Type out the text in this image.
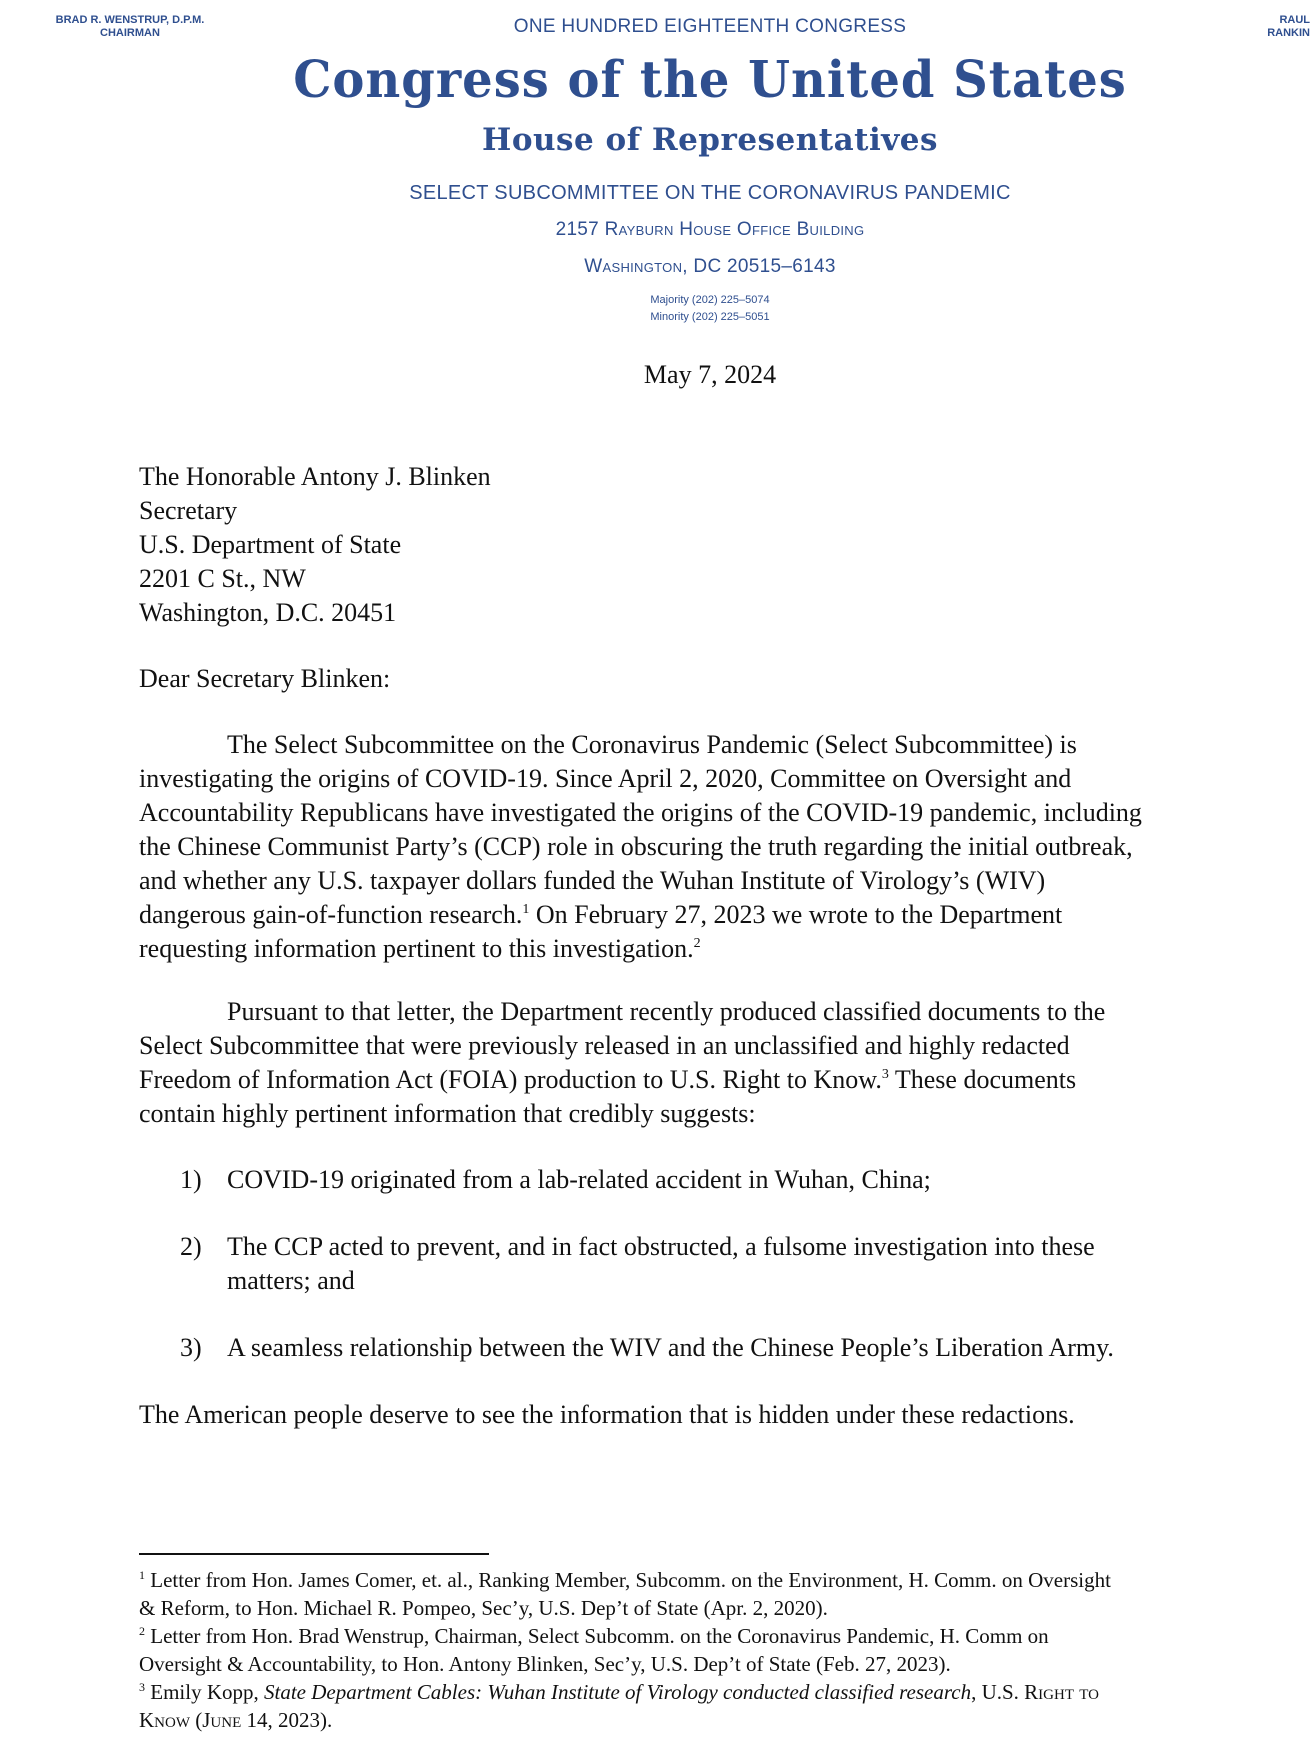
BRAD R. WENSTRUP, D.P.M.
CHAIRMAN
RAUL
RANKIN
ONE HUNDRED EIGHTEENTH CONGRESS
Congress of the United States
House of Representatives
SELECT SUBCOMMITTEE ON THE CORONAVIRUS PANDEMIC
2157 Rayburn House Office Building
Washington, DC 20515–6143
Majority (202) 225–5074
Minority (202) 225–5051
May 7, 2024
The Honorable Antony J. Blinken
Secretary
U.S. Department of State
2201 C St., NW
Washington, D.C. 20451
Dear Secretary Blinken:
The Select Subcommittee on the Coronavirus Pandemic (Select Subcommittee) is
investigating the origins of COVID-19. Since April 2, 2020, Committee on Oversight and
Accountability Republicans have investigated the origins of the COVID-19 pandemic, including
the Chinese Communist Party’s (CCP) role in obscuring the truth regarding the initial outbreak,
and whether any U.S. taxpayer dollars funded the Wuhan Institute of Virology’s (WIV)
dangerous gain-of-function research.$^1$ On February 27, 2023 we wrote to the Department
requesting information pertinent to this investigation.$^2$
Pursuant to that letter, the Department recently produced classified documents to the
Select Subcommittee that were previously released in an unclassified and highly redacted
Freedom of Information Act (FOIA) production to U.S. Right to Know.$^3$ These documents
contain highly pertinent information that credibly suggests:
1) COVID-19 originated from a lab-related accident in Wuhan, China;
2) The CCP acted to prevent, and in fact obstructed, a fulsome investigation into these
matters; and
3) A seamless relationship between the WIV and the Chinese People’s Liberation Army.
The American people deserve to see the information that is hidden under these redactions.
$^1$ Letter from Hon. James Comer, et. al., Ranking Member, Subcomm. on the Environment, H. Comm. on Oversight
& Reform, to Hon. Michael R. Pompeo, Sec’y, U.S. Dep’t of State (Apr. 2, 2020).
$^2$ Letter from Hon. Brad Wenstrup, Chairman, Select Subcomm. on the Coronavirus Pandemic, H. Comm on
Oversight & Accountability, to Hon. Antony Blinken, Sec’y, U.S. Dep’t of State (Feb. 27, 2023).
$^3$ Emily Kopp, State Department Cables: Wuhan Institute of Virology conducted classified research, U.S. Right to
Know (June 14, 2023).
